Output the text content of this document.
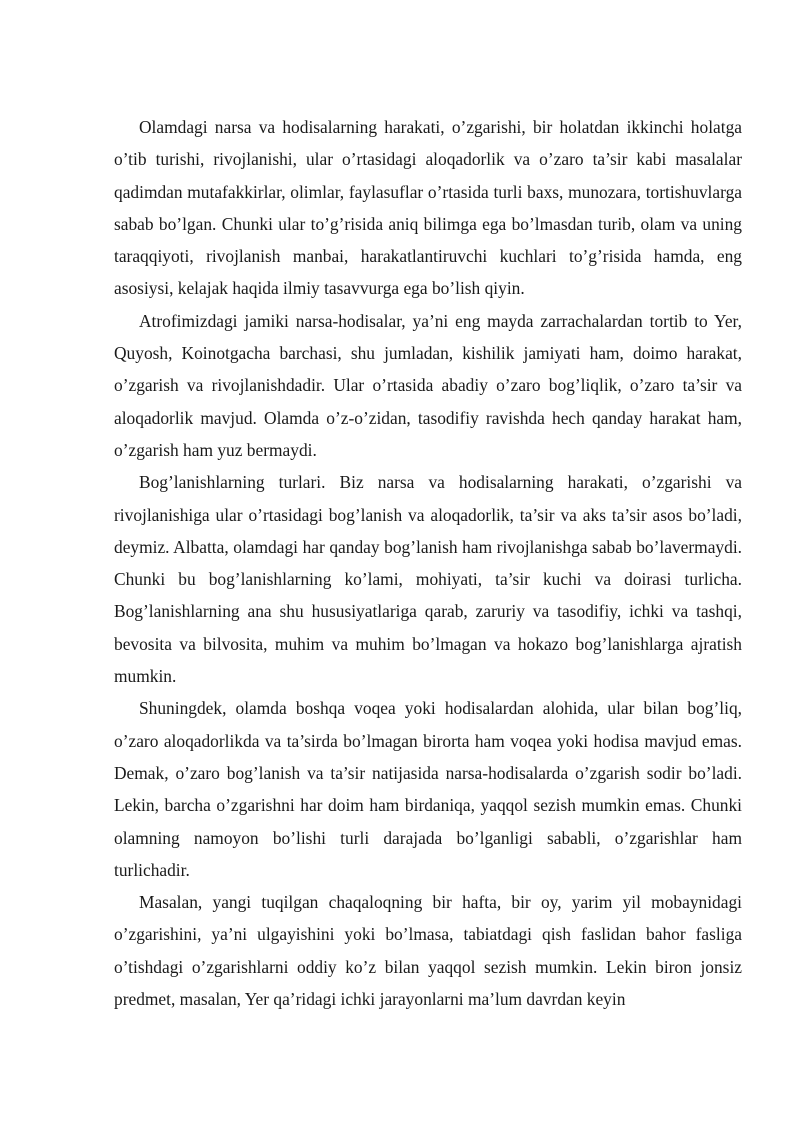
Olamdagi narsa va hodisalarning harakati, o’zgarishi, bir holatdan ikkinchi holatga o’tib turishi, rivojlanishi, ular o’rtasidagi aloqadorlik va o’zaro ta’sir kabi masalalar qadimdan mutafakkirlar, olimlar, faylasuflar o’rtasida turli baxs, munozara, tortishuvlarga sabab bo’lgan. Chunki ular to’g’risida aniq bilimga ega bo’lmasdan turib, olam va uning taraqqiyoti, rivojlanish manbai, harakatlantiruvchi kuchlari to’g’risida hamda, eng asosiysi, kelajak haqida ilmiy tasavvurga ega bo’lish qiyin.

Atrofimizdagi jamiki narsa-hodisalar, ya’ni eng mayda zarrachalardan tortib to Yer, Quyosh, Koinotgacha barchasi, shu jumladan, kishilik jamiyati ham, doimo harakat, o’zgarish va rivojlanishdadir. Ular o’rtasida abadiy o’zaro bog’liqlik, o’zaro ta’sir va aloqadorlik mavjud. Olamda o’z-o’zidan, tasodifiy ravishda hech qanday harakat ham, o’zgarish ham yuz bermaydi.

Bog’lanishlarning turlari. Biz narsa va hodisalarning harakati, o’zgarishi va rivojlanishiga ular o’rtasidagi bog’lanish va aloqadorlik, ta’sir va aks ta’sir asos bo’ladi, deymiz. Albatta, olamdagi har qanday bog’lanish ham rivojlanishga sabab bo’lavermaydi. Chunki bu bog’lanishlarning ko’lami, mohiyati, ta’sir kuchi va doirasi turlicha. Bog’lanishlarning ana shu hususiyatlariga qarab, zaruriy va tasodifiy, ichki va tashqi, bevosita va bilvosita, muhim va muhim bo’lmagan va hokazo bog’lanishlarga ajratish mumkin.

Shuningdek, olamda boshqa voqea yoki hodisalardan alohida, ular bilan bog’liq, o’zaro aloqadorlikda va ta’sirda bo’lmagan birorta ham voqea yoki hodisa mavjud emas. Demak, o’zaro bog’lanish va ta’sir natijasida narsa-hodisalarda o’zgarish sodir bo’ladi. Lekin, barcha o’zgarishni har doim ham birdaniqa, yaqqol sezish mumkin emas. Chunki olamning namoyon bo’lishi turli darajada bo’lganligi sababli, o’zgarishlar ham turlichadir.

Masalan, yangi tuqilgan chaqaloqning bir hafta, bir oy, yarim yil mobaynidagi o’zgarishini, ya’ni ulgayishini yoki bo’lmasa, tabiatdagi qish faslidan bahor fasliga o’tishdagi o’zgarishlarni oddiy ko’z bilan yaqqol sezish mumkin. Lekin biron jonsiz predmet, masalan, Yer qa’ridagi ichki jarayonlarni ma’lum davrdan keyin
